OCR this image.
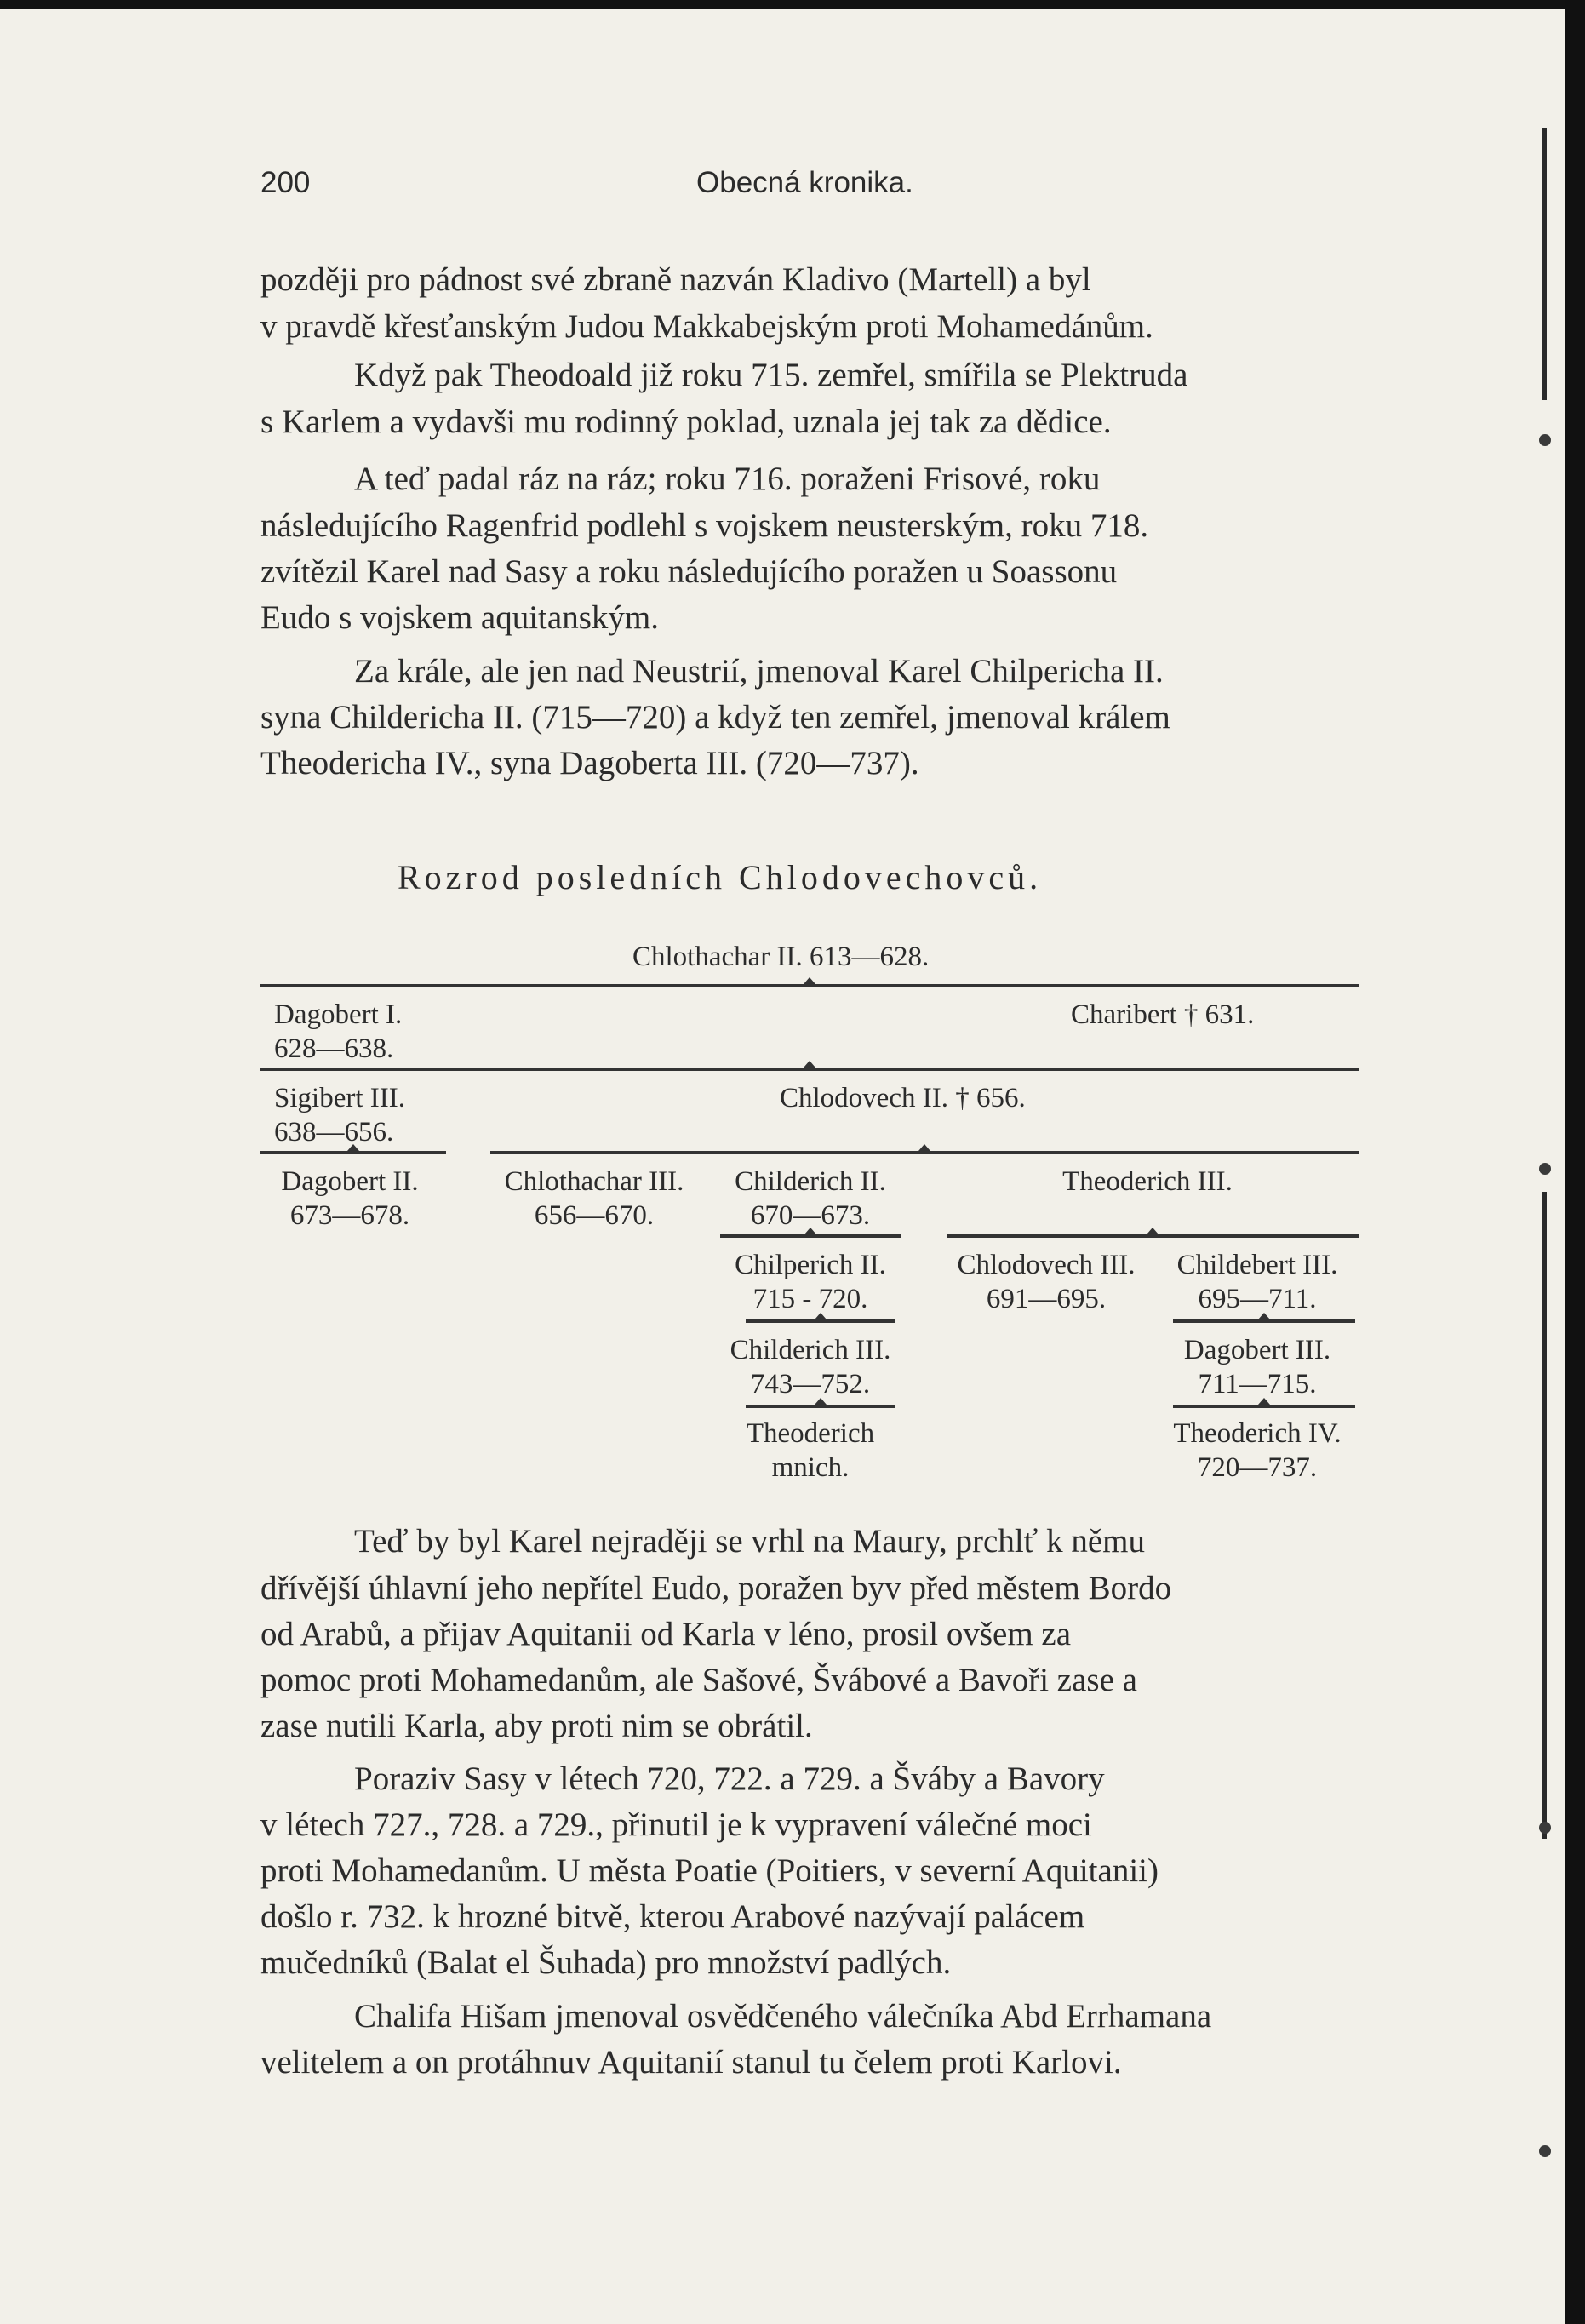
200	Obecná kronika.
později pro pádnost své zbraně nazván Kladivo (Martell) a byl
v pravdě křesťanským Judou Makkabejským proti Mohamedánům.
Když pak Theodoald již roku 715. zemřel, smířila se Plektruda
s Karlem a vydavši mu rodinný poklad, uznala jej tak za dědice.
A teď padal ráz na ráz; roku 716. poraženi Frisové, roku
následujícího Ragenfrid podlehl s vojskem neusterským, roku 718.
zvítězil Karel nad Sasy a roku následujícího poražen u Soassonu
Eudo s vojskem aquitanským.
Za krále, ale jen nad Neustrií, jmenoval Karel Chilpericha II.
syna Childericha II. (715—720) a když ten zemřel, jmenoval králem
Theodericha IV., syna Dagoberta III. (720—737).
Rozrod posledních Chlodovechovců.
Chlothachar II. 613—628.
Dagobert I.
628—638.
Charibert † 631.
Sigibert III.
638—656.
Chlodovech II. † 656.
Dagobert II.
673—678.
Chlothachar III.
656—670.
Childerich II.
670—673.
Theoderich III.
Chilperich II.
715 - 720.
Chlodovech III.
691—695.
Childebert III.
695—711.
Childerich III.
743—752.
Dagobert III.
711—715.
Theoderich
mnich.
Theoderich IV.
720—737.
Teď by byl Karel nejraději se vrhl na Maury, prchlť k němu
dřívější úhlavní jeho nepřítel Eudo, poražen byv před městem Bordo
od Arabů, a přijav Aquitanii od Karla v léno, prosil ovšem za
pomoc proti Mohamedanům, ale Sašové, Švábové a Bavoři zase a
zase nutili Karla, aby proti nim se obrátil.
Poraziv Sasy v létech 720, 722. a 729. a Šváby a Bavory
v létech 727., 728. a 729., přinutil je k vypravení válečné moci
proti Mohamedanům. U města Poatie (Poitiers, v severní Aquitanii)
došlo r. 732. k hrozné bitvě, kterou Arabové nazývají palácem
mučedníků (Balat el Šuhada) pro množství padlých.
Chalifa Hišam jmenoval osvědčeného válečníka Abd Errhamana
velitelem a on protáhnuv Aquitanií stanul tu čelem proti Karlovi.
